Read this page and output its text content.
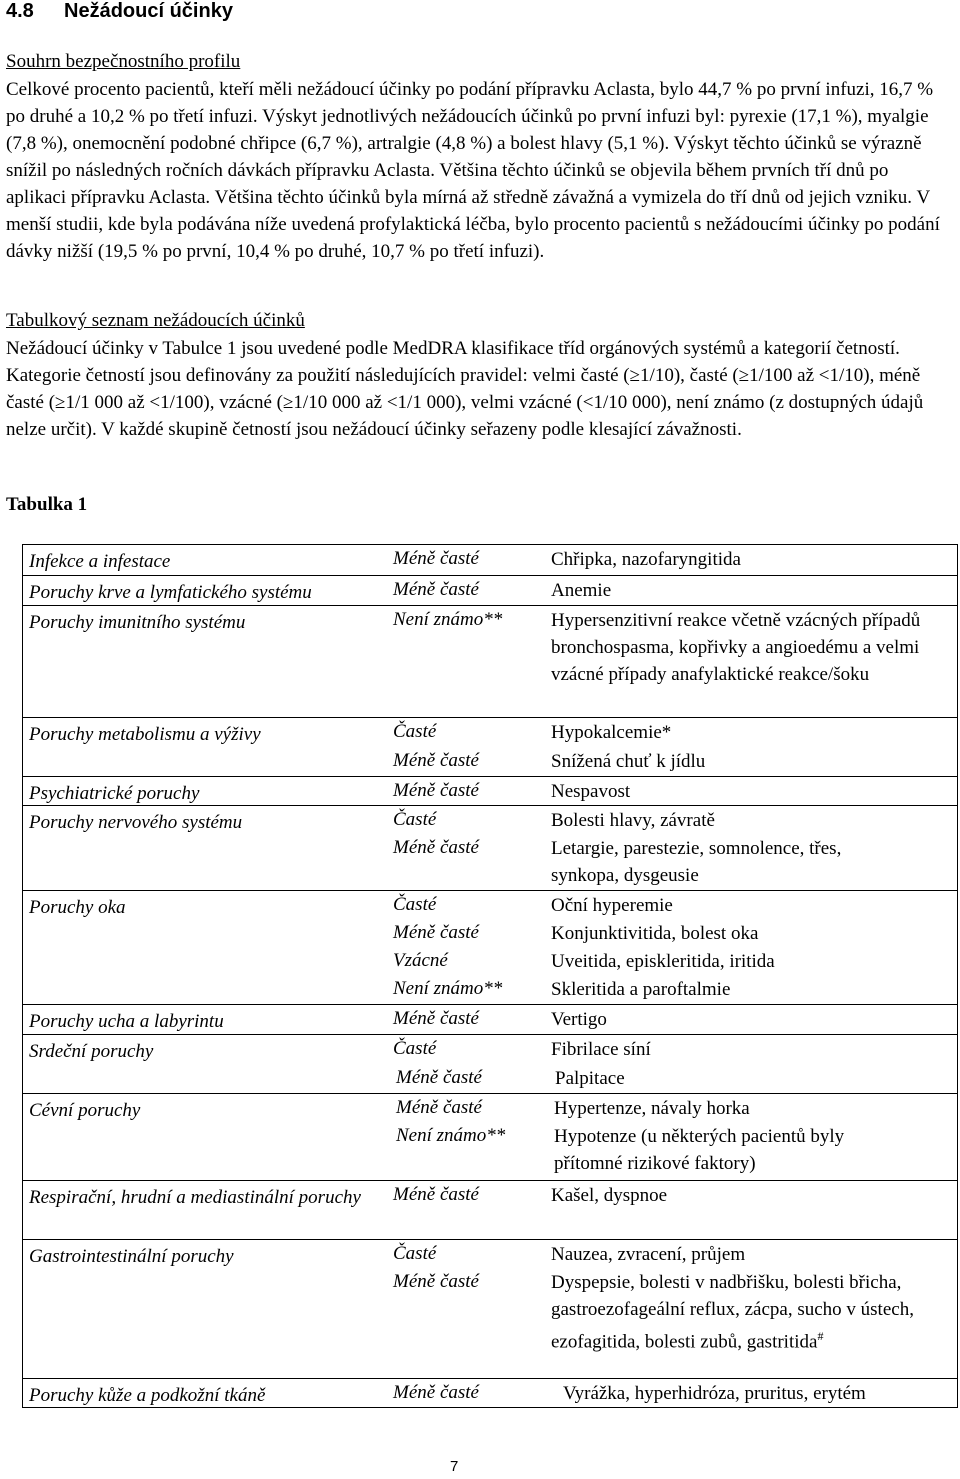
4.8 Nežádoucí účinky
Souhrn bezpečnostního profilu

Celkové procento pacientů, kteří měli nežádoucí účinky po podání přípravku Aclasta, bylo 44,7 % po první infuzi, 16,7 % po druhé a 10,2 % po třetí infuzi. Výskyt jednotlivých nežádoucích účinků po první infuzi byl: pyrexie (17,1 %), myalgie (7,8 %), onemocnění podobné chřipce (6,7 %), artralgie (4,8 %) a bolest hlavy (5,1 %). Výskyt těchto účinků se výrazně snížil po následných ročních dávkách přípravku Aclasta. Většina těchto účinků se objevila během prvních tří dnů po aplikaci přípravku Aclasta. Většina těchto účinků byla mírná až středně závažná a vymizela do tří dnů od jejich vzniku. V menší studii, kde byla podávána níže uvedená profylaktická léčba, bylo procento pacientů s nežádoucími účinky po podání dávky nižší (19,5 % po první, 10,4 % po druhé, 10,7 % po třetí infuzi).

Tabulkový seznam nežádoucích účinků

Nežádoucí účinky v Tabulce 1 jsou uvedené podle MedDRA klasifikace tříd orgánových systémů a kategorií četností. Kategorie četností jsou definovány za použití následujících pravidel: velmi časté (≥1/10), časté (≥1/100 až <1/10), méně časté (≥1/1 000 až <1/100), vzácné (≥1/10 000 až <1/1 000), velmi vzácné (<1/10 000), není známo (z dostupných údajů nelze určit). V každé skupině četností jsou nežádoucí účinky seřazeny podle klesající závažnosti.

Tabulka 1
Infekce a infestace	Méně časté	Chřipka, nazofaryngitida
Poruchy krve a lymfatického systému	Méně časté	Anemie
Poruchy imunitního systému	Není známo**	Hypersenzitivní reakce včetně vzácných případů bronchospasma, kopřivky a angioedému a velmi vzácné případy anafylaktické reakce/šoku
Poruchy metabolismu a výživy	Časté	Hypokalcemie*
Méně časté	Snížená chuť k jídlu
Psychiatrické poruchy	Méně časté	Nespavost
Poruchy nervového systému	Časté	Bolesti hlavy, závratě
Méně časté	Letargie, parestezie, somnolence, třes, synkopa, dysgeusie
Poruchy oka	Časté	Oční hyperemie
Méně časté	Konjunktivitida, bolest oka
Vzácné	Uveitida, episkleritida, iritida
Není známo**	Skleritida a paroftalmie
Poruchy ucha a labyrintu	Méně časté	Vertigo
Srdeční poruchy	Časté	Fibrilace síní
Méně časté	Palpitace
Cévní poruchy	Méně časté	Hypertenze, návaly horka
Není známo**	Hypotenze (u některých pacientů byly přítomné rizikové faktory)
Respirační, hrudní a mediastinální poruchy	Méně časté	Kašel, dyspnoe
Gastrointestinální poruchy	Časté	Nauzea, zvracení, průjem
Méně časté	Dyspepsie, bolesti v nadbřišku, bolesti břicha, gastroezofageální reflux, zácpa, sucho v ústech, ezofagitida, bolesti zubů, gastritida#
Poruchy kůže a podkožní tkáně	Méně časté	Vyrážka, hyperhidróza, pruritus, erytém
7
